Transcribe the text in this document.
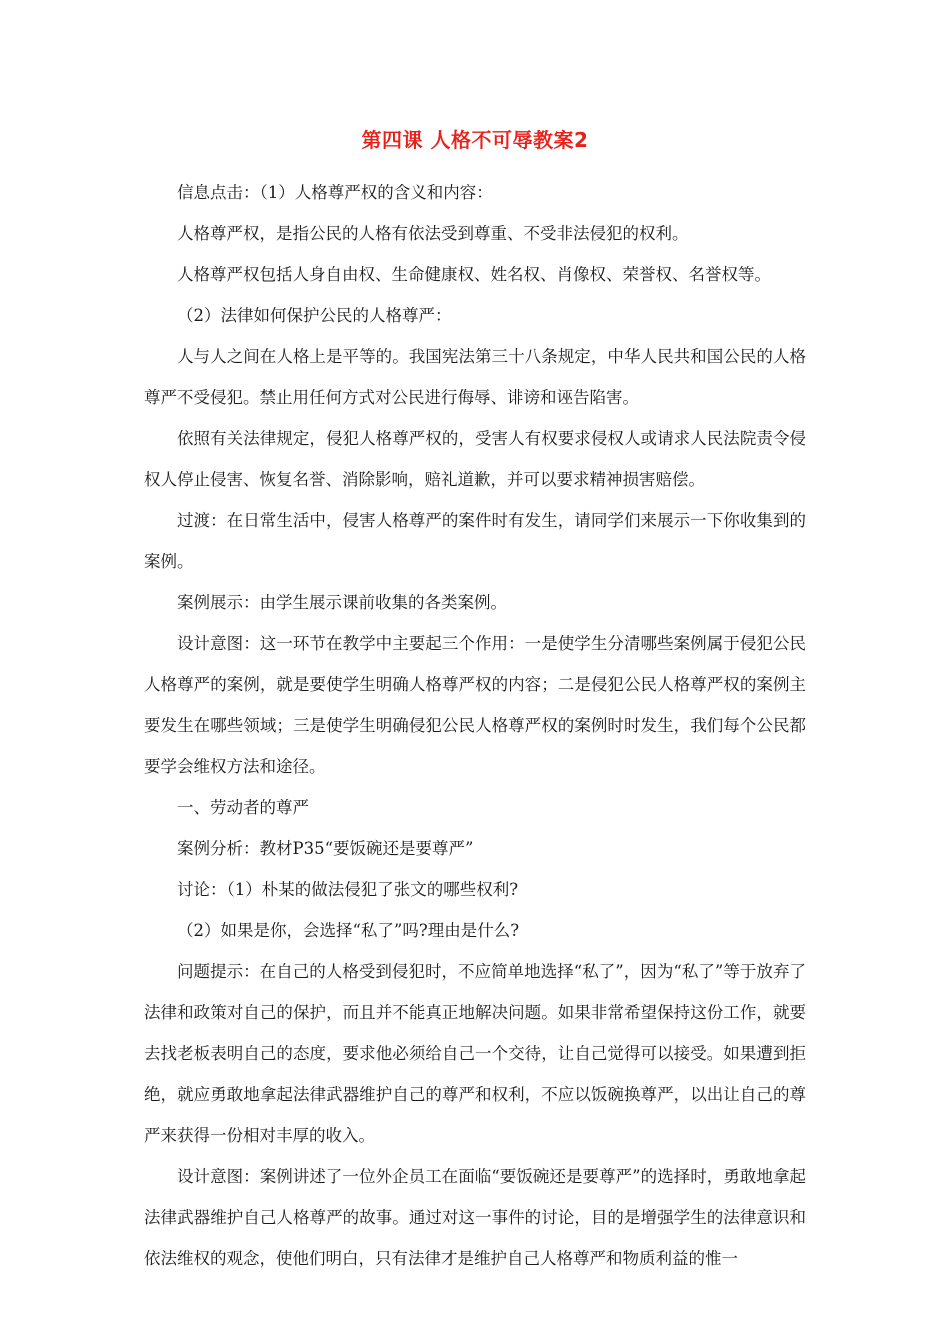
第四课 人格不可辱教案2

信息点击：（1）人格尊严权的含义和内容：

人格尊严权，是指公民的人格有依法受到尊重、不受非法侵犯的权利。

人格尊严权包括人身自由权、生命健康权、姓名权、肖像权、荣誉权、名誉权等。

（2）法律如何保护公民的人格尊严：

人与人之间在人格上是平等的。我国宪法第三十八条规定，中华人民共和国公民的人格尊严不受侵犯。禁止用任何方式对公民进行侮辱、诽谤和诬告陷害。

依照有关法律规定，侵犯人格尊严权的，受害人有权要求侵权人或请求人民法院责令侵权人停止侵害、恢复名誉、消除影响，赔礼道歉，并可以要求精神损害赔偿。

过渡：在日常生活中，侵害人格尊严的案件时有发生，请同学们来展示一下你收集到的案例。

案例展示：由学生展示课前收集的各类案例。

设计意图：这一环节在教学中主要起三个作用：一是使学生分清哪些案例属于侵犯公民人格尊严的案例，就是要使学生明确人格尊严权的内容；二是侵犯公民人格尊严权的案例主要发生在哪些领域；三是使学生明确侵犯公民人格尊严权的案例时时发生，我们每个公民都要学会维权方法和途径。

一、劳动者的尊严

案例分析：教材P35“要饭碗还是要尊严”

讨论：（1）朴某的做法侵犯了张文的哪些权利?

（2）如果是你，会选择“私了”吗?理由是什么?

问题提示：在自己的人格受到侵犯时，不应简单地选择“私了”，因为“私了”等于放弃了法律和政策对自己的保护，而且并不能真正地解决问题。如果非常希望保持这份工作，就要去找老板表明自己的态度，要求他必须给自己一个交待，让自己觉得可以接受。如果遭到拒绝，就应勇敢地拿起法律武器维护自己的尊严和权利，不应以饭碗换尊严，以出让自己的尊严来获得一份相对丰厚的收入。

设计意图：案例讲述了一位外企员工在面临“要饭碗还是要尊严”的选择时，勇敢地拿起法律武器维护自己人格尊严的故事。通过对这一事件的讨论，目的是增强学生的法律意识和依法维权的观念，使他们明白，只有法律才是维护自己人格尊严和物质利益的惟一
